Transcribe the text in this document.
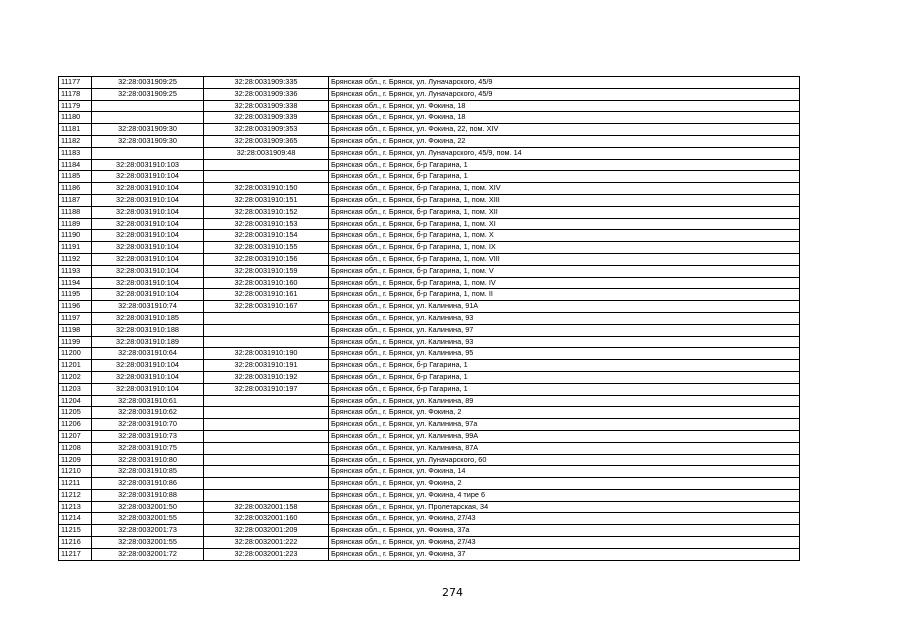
11177	32:28:0031909:25	32:28:0031909:335	Брянская обл., г. Брянск, ул. Луначарского, 45/9
11178	32:28:0031909:25	32:28:0031909:336	Брянская обл., г. Брянск, ул. Луначарского, 45/9
11179		32:28:0031909:338	Брянская обл., г. Брянск, ул. Фокина, 18
11180		32:28:0031909:339	Брянская обл., г. Брянск, ул. Фокина, 18
11181	32:28:0031909:30	32:28:0031909:353	Брянская обл., г. Брянск, ул. Фокина, 22, пом. XIV
11182	32:28:0031909:30	32:28:0031909:365	Брянская обл., г. Брянск, ул. Фокина, 22
11183		32:28:0031909:48	Брянская обл., г. Брянск, ул. Луначарского, 45/9, пом. 14
11184	32:28:0031910:103		Брянская обл., г. Брянск, б-р Гагарина, 1
11185	32:28:0031910:104		Брянская обл., г. Брянск, б-р Гагарина, 1
11186	32:28:0031910:104	32:28:0031910:150	Брянская обл., г. Брянск, б-р Гагарина, 1, пом. XIV
11187	32:28:0031910:104	32:28:0031910:151	Брянская обл., г. Брянск, б-р Гагарина, 1, пом. XIII
11188	32:28:0031910:104	32:28:0031910:152	Брянская обл., г. Брянск, б-р Гагарина, 1, пом. XII
11189	32:28:0031910:104	32:28:0031910:153	Брянская обл., г. Брянск, б-р Гагарина, 1, пом. XI
11190	32:28:0031910:104	32:28:0031910:154	Брянская обл., г. Брянск, б-р Гагарина, 1, пом. X
11191	32:28:0031910:104	32:28:0031910:155	Брянская обл., г. Брянск, б-р Гагарина, 1, пом. IX
11192	32:28:0031910:104	32:28:0031910:156	Брянская обл., г. Брянск, б-р Гагарина, 1, пом. VIII
11193	32:28:0031910:104	32:28:0031910:159	Брянская обл., г. Брянск, б-р Гагарина, 1, пом. V
11194	32:28:0031910:104	32:28:0031910:160	Брянская обл., г. Брянск, б-р Гагарина, 1, пом. IV
11195	32:28:0031910:104	32:28:0031910:161	Брянская обл., г. Брянск, б-р Гагарина, 1, пом. II
11196	32:28:0031910:74	32:28:0031910:167	Брянская обл., г. Брянск, ул. Калинина, 91А
11197	32:28:0031910:185		Брянская обл., г. Брянск, ул. Калинина, 93
11198	32:28:0031910:188		Брянская обл., г. Брянск, ул. Калинина, 97
11199	32:28:0031910:189		Брянская обл., г. Брянск, ул. Калинина, 93
11200	32:28:0031910:64	32:28:0031910:190	Брянская обл., г. Брянск, ул. Калинина, 95
11201	32:28:0031910:104	32:28:0031910:191	Брянская обл., г. Брянск, б-р Гагарина, 1
11202	32:28:0031910:104	32:28:0031910:192	Брянская обл., г. Брянск, б-р Гагарина, 1
11203	32:28:0031910:104	32:28:0031910:197	Брянская обл., г. Брянск, б-р Гагарина, 1
11204	32:28:0031910:61		Брянская обл., г. Брянск, ул. Калинина, 89
11205	32:28:0031910:62		Брянская обл., г. Брянск, ул. Фокина, 2
11206	32:28:0031910:70		Брянская обл., г. Брянск, ул. Калинина, 97а
11207	32:28:0031910:73		Брянская обл., г. Брянск, ул. Калинина, 99А
11208	32:28:0031910:75		Брянская обл., г. Брянск, ул. Калинина, 87А
11209	32:28:0031910:80		Брянская обл., г. Брянск, ул. Луначарского, 60
11210	32:28:0031910:85		Брянская обл., г. Брянск, ул. Фокина, 14
11211	32:28:0031910:86		Брянская обл., г. Брянск, ул. Фокина, 2
11212	32:28:0031910:88		Брянская обл., г. Брянск, ул. Фокина, 4 тире 6
11213	32:28:0032001:50	32:28:0032001:158	Брянская обл., г. Брянск, ул. Пролетарская, 34
11214	32:28:0032001:55	32:28:0032001:160	Брянская обл., г. Брянск, ул. Фокина, 27/43
11215	32:28:0032001:73	32:28:0032001:209	Брянская обл., г. Брянск, ул. Фокина, 37а
11216	32:28:0032001:55	32:28:0032001:222	Брянская обл., г. Брянск, ул. Фокина, 27/43
11217	32:28:0032001:72	32:28:0032001:223	Брянская обл., г. Брянск, ул. Фокина, 37
274
